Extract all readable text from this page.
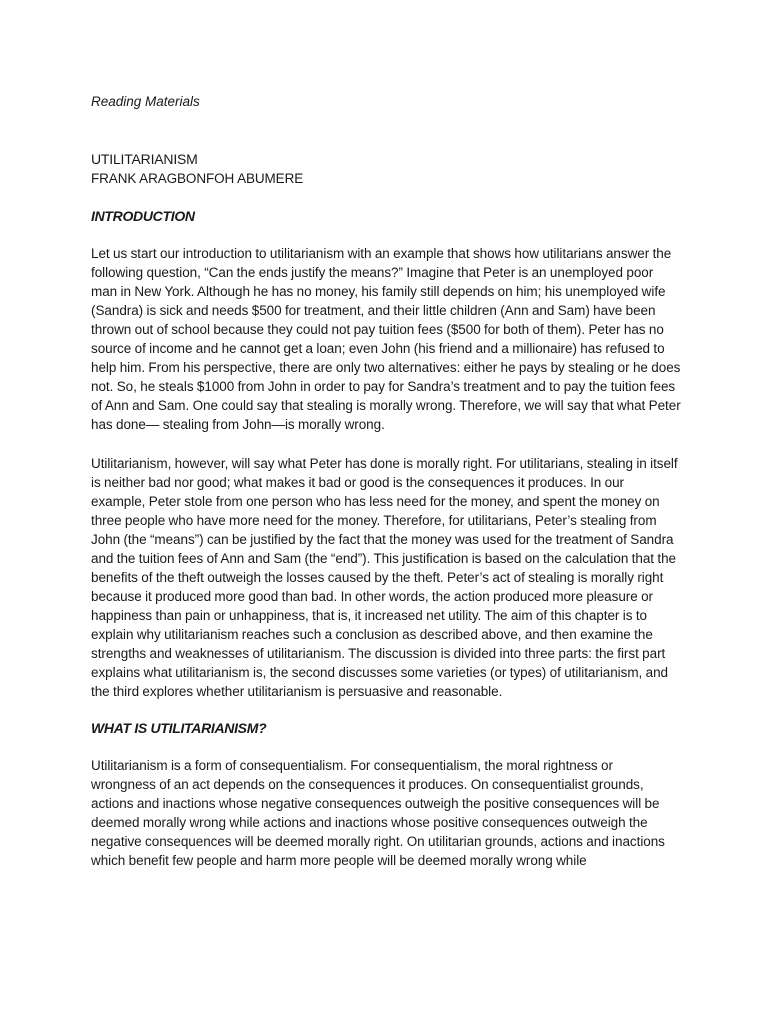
Reading Materials

UTILITARIANISM

FRANK ARAGBONFOH ABUMERE

INTRODUCTION

Let us start our introduction to utilitarianism with an example that shows how utilitarians answer the following question, “Can the ends justify the means?” Imagine that Peter is an unemployed poor man in New York. Although he has no money, his family still depends on him; his unemployed wife (Sandra) is sick and needs $500 for treatment, and their little children (Ann and Sam) have been thrown out of school because they could not pay tuition fees ($500 for both of them). Peter has no source of income and he cannot get a loan; even John (his friend and a millionaire) has refused to help him. From his perspective, there are only two alternatives: either he pays by stealing or he does not. So, he steals $1000 from John in order to pay for Sandra’s treatment and to pay the tuition fees of Ann and Sam. One could say that stealing is morally wrong. Therefore, we will say that what Peter has done— stealing from John—is morally wrong.

Utilitarianism, however, will say what Peter has done is morally right. For utilitarians, stealing in itself is neither bad nor good; what makes it bad or good is the consequences it produces. In our example, Peter stole from one person who has less need for the money, and spent the money on three people who have more need for the money. Therefore, for utilitarians, Peter’s stealing from John (the “means”) can be justified by the fact that the money was used for the treatment of Sandra and the tuition fees of Ann and Sam (the “end”). This justification is based on the calculation that the benefits of the theft outweigh the losses caused by the theft. Peter’s act of stealing is morally right because it produced more good than bad. In other words, the action produced more pleasure or happiness than pain or unhappiness, that is, it increased net utility. The aim of this chapter is to explain why utilitarianism reaches such a conclusion as described above, and then examine the strengths and weaknesses of utilitarianism. The discussion is divided into three parts: the first part explains what utilitarianism is, the second discusses some varieties (or types) of utilitarianism, and the third explores whether utilitarianism is persuasive and reasonable.

WHAT IS UTILITARIANISM?

Utilitarianism is a form of consequentialism. For consequentialism, the moral rightness or wrongness of an act depends on the consequences it produces. On consequentialist grounds, actions and inactions whose negative consequences outweigh the positive consequences will be deemed morally wrong while actions and inactions whose positive consequences outweigh the negative consequences will be deemed morally right. On utilitarian grounds, actions and inactions which benefit few people and harm more people will be deemed morally wrong while
